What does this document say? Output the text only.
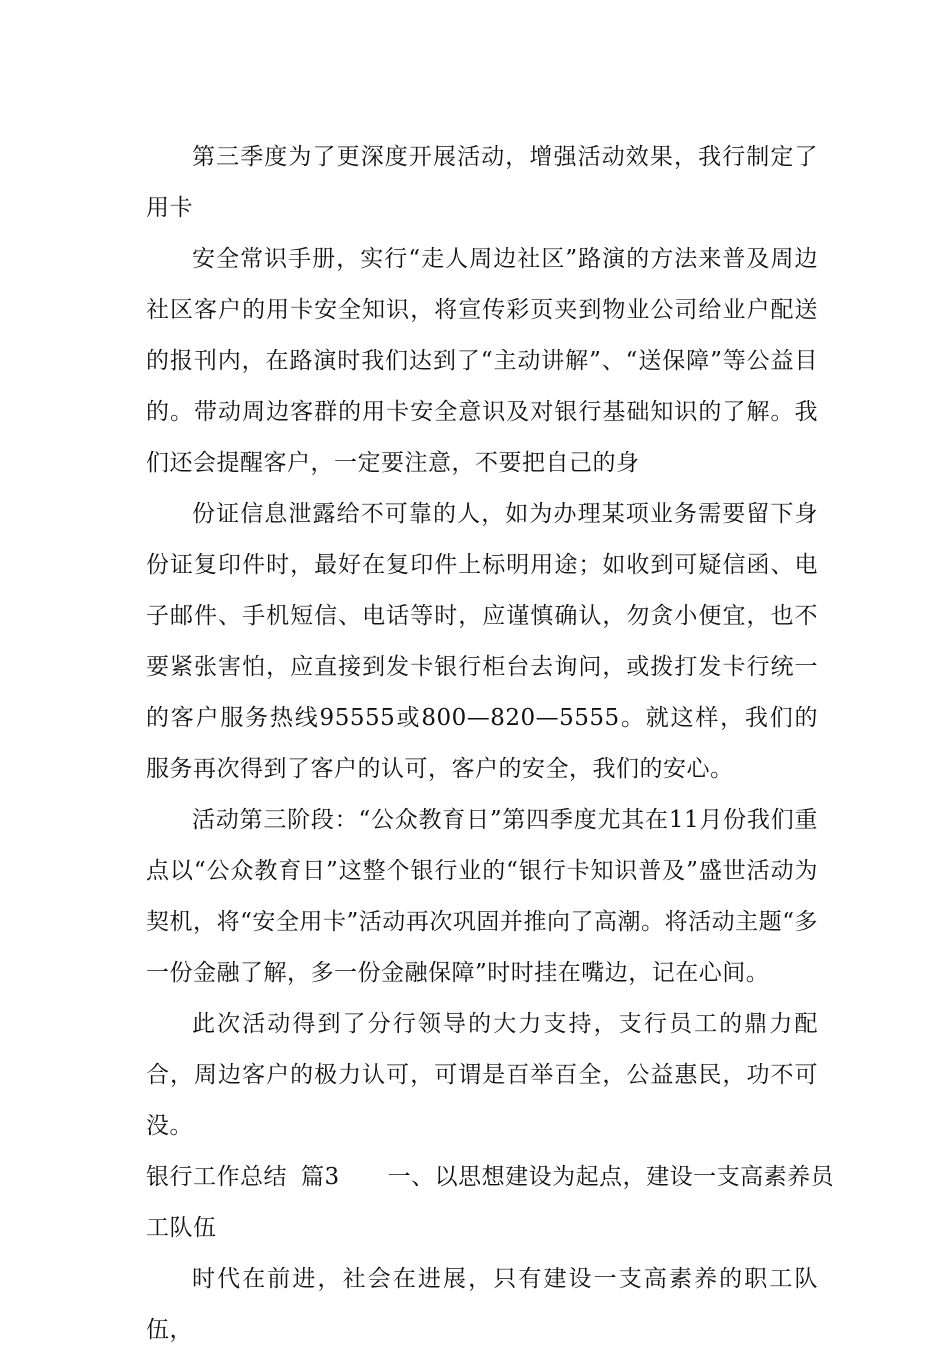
第三季度为了更深度开展活动，增强活动效果，我行制定了用卡

安全常识手册，实行“走人周边社区”路演的方法来普及周边社区客户的用卡安全知识，将宣传彩页夹到物业公司给业户配送的报刊内，在路演时我们达到了“主动讲解”、“送保障”等公益目的。带动周边客群的用卡安全意识及对银行基础知识的了解。我们还会提醒客户，一定要注意，不要把自己的身

份证信息泄露给不可靠的人，如为办理某项业务需要留下身份证复印件时，最好在复印件上标明用途；如收到可疑信函、电子邮件、手机短信、电话等时，应谨慎确认，勿贪小便宜，也不要紧张害怕，应直接到发卡银行柜台去询问，或拨打发卡行统一的客户服务热线95555或800—820—5555。就这样，我们的服务再次得到了客户的认可，客户的安全，我们的安心。

活动第三阶段：“公众教育日”第四季度尤其在11月份我们重点以“公众教育日”这整个银行业的“银行卡知识普及”盛世活动为契机，将“安全用卡”活动再次巩固并推向了高潮。将活动主题“多一份金融了解，多一份金融保障”时时挂在嘴边，记在心间。

此次活动得到了分行领导的大力支持，支行员工的鼎力配合，周边客户的极力认可，可谓是百举百全，公益惠民，功不可没。

银行工作总结 篇3 一、以思想建设为起点，建设一支高素养员

工队伍

时代在前进，社会在进展，只有建设一支高素养的职工队伍，
